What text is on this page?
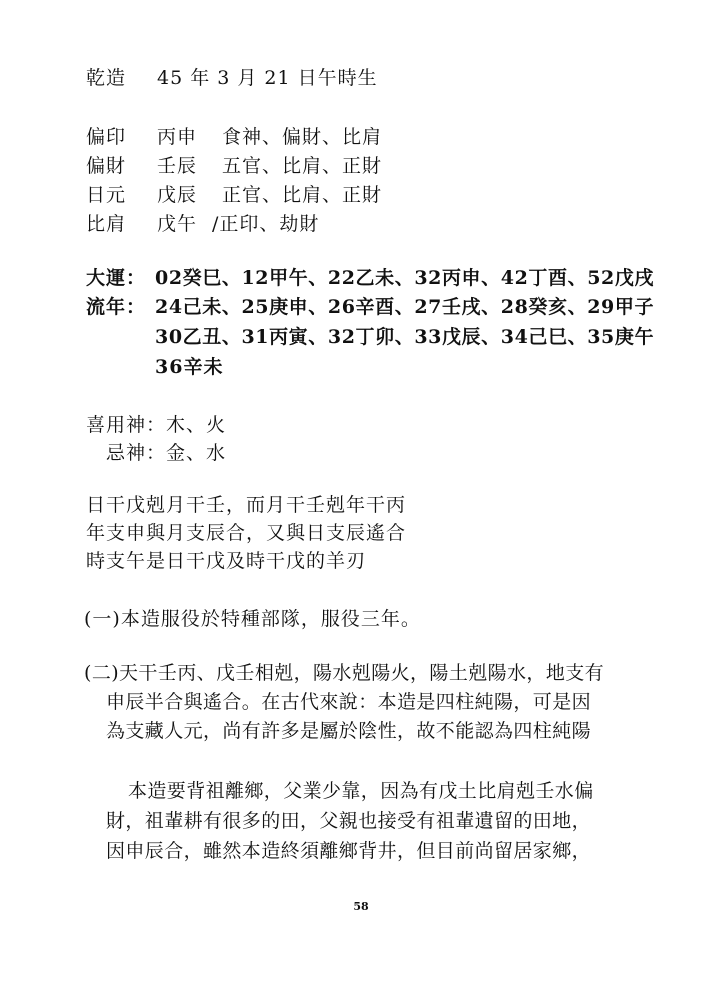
乾造 45 年 3 月 21 日午時生
偏印 丙申 食神、偏財、比肩
偏財 壬辰 五官、比肩、正財
日元 戊辰 正官、比肩、正財
比肩 戊午 /正印、劫財
大運： 02癸巳、12甲午、22乙未、32丙申、42丁酉、52戊戌
流年： 24己未、25庚申、26辛酉、27壬戌、28癸亥、29甲子
30乙丑、31丙寅、32丁卯、33戊辰、34己巳、35庚午
36辛未
喜用神：木、火
忌神：金、水
日干戊剋月干壬，而月干壬剋年干丙
年支申與月支辰合，又與日支辰遙合
時支午是日干戊及時干戊的羊刃
(一)本造服役於特種部隊，服役三年。
(二)天干壬丙、戊壬相剋，陽水剋陽火，陽土剋陽水，地支有
申辰半合與遙合。在古代來說：本造是四柱純陽，可是因
為支藏人元，尚有許多是屬於陰性，故不能認為四柱純陽
本造要背祖離鄉，父業少靠，因為有戊土比肩剋壬水偏
財，祖輩耕有很多的田，父親也接受有祖輩遺留的田地，
因申辰合，雖然本造終須離鄉背井，但目前尚留居家鄉，
58
